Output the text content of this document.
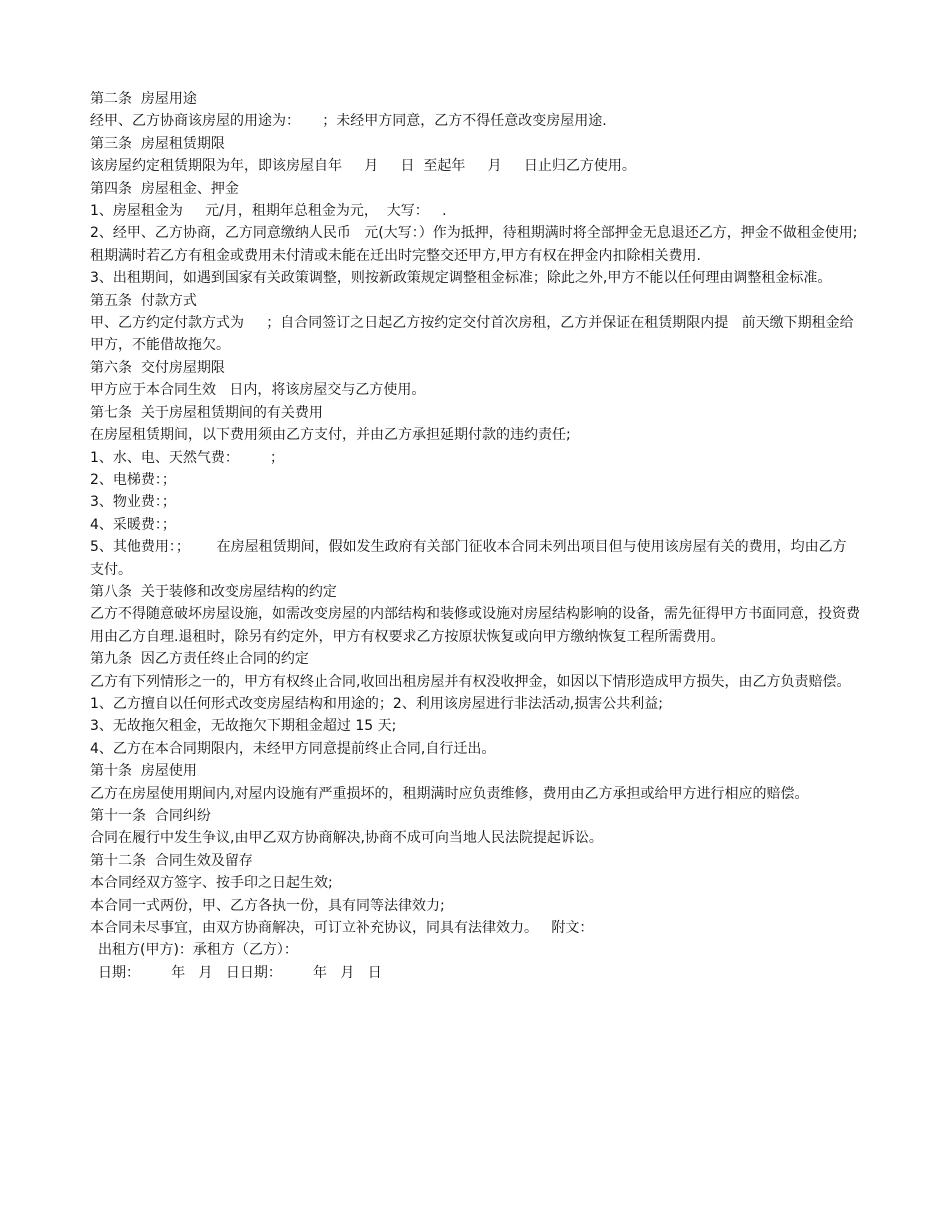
第二条  房屋用途

经甲、乙方协商该房屋的用途为：     ；未经甲方同意，乙方不得任意改变房屋用途.

第三条  房屋租赁期限

该房屋约定租赁期限为年，即该房屋自年     月     日  至起年     月     日止归乙方使用。

第四条  房屋租金、押金

1、房屋租金为     元/月，租期年总租金为元，  大写：   .

2、经甲、乙方协商，乙方同意缴纳人民币   元(大写：）作为抵押，待租期满时将全部押金无息退还乙方，押金不做租金使用;租期满时若乙方有租金或费用未付清或未能在迁出时完整交还甲方,甲方有权在押金内扣除相关费用.

3、出租期间，如遇到国家有关政策调整，则按新政策规定调整租金标准；除此之外,甲方不能以任何理由调整租金标准。

第五条  付款方式

甲、乙方约定付款方式为     ；自合同签订之日起乙方按约定交付首次房租，乙方并保证在租赁期限内提   前天缴下期租金给甲方，不能借故拖欠。

第六条  交付房屋期限

甲方应于本合同生效   日内，将该房屋交与乙方使用。

第七条  关于房屋租赁期间的有关费用

在房屋租赁期间，以下费用须由乙方支付，并由乙方承担延期付款的违约责任;

1、水、电、天然气费：       ；

2、电梯费：；

3、物业费：；

4、采暖费：；

5、其他费用：；      在房屋租赁期间，假如发生政府有关部门征收本合同未列出项目但与使用该房屋有关的费用，均由乙方支付。

第八条  关于装修和改变房屋结构的约定

乙方不得随意破坏房屋设施，如需改变房屋的内部结构和装修或设施对房屋结构影响的设备，需先征得甲方书面同意，投资费用由乙方自理.退租时，除另有约定外，甲方有权要求乙方按原状恢复或向甲方缴纳恢复工程所需费用。

第九条  因乙方责任终止合同的约定

乙方有下列情形之一的，甲方有权终止合同,收回出租房屋并有权没收押金，如因以下情形造成甲方损失，由乙方负责赔偿。

1、乙方擅自以任何形式改变房屋结构和用途的；2、利用该房屋进行非法活动,损害公共利益;

3、无故拖欠租金，无故拖欠下期租金超过 15 天;

4、乙方在本合同期限内，未经甲方同意提前终止合同,自行迁出。

第十条  房屋使用

乙方在房屋使用期间内,对屋内设施有严重损坏的，租期满时应负责维修，费用由乙方承担或给甲方进行相应的赔偿。

第十一条  合同纠纷

合同在履行中发生争议,由甲乙双方协商解决,协商不成可向当地人民法院提起诉讼。

第十二条  合同生效及留存

本合同经双方签字、按手印之日起生效;

本合同一式两份，甲、乙方各执一份，具有同等法律效力;

本合同未尽事宜，由双方协商解决，可订立补充协议，同具有法律效力。   附文：

出租方(甲方)：承租方（乙方）：

日期：       年   月   日日期：       年   月   日
